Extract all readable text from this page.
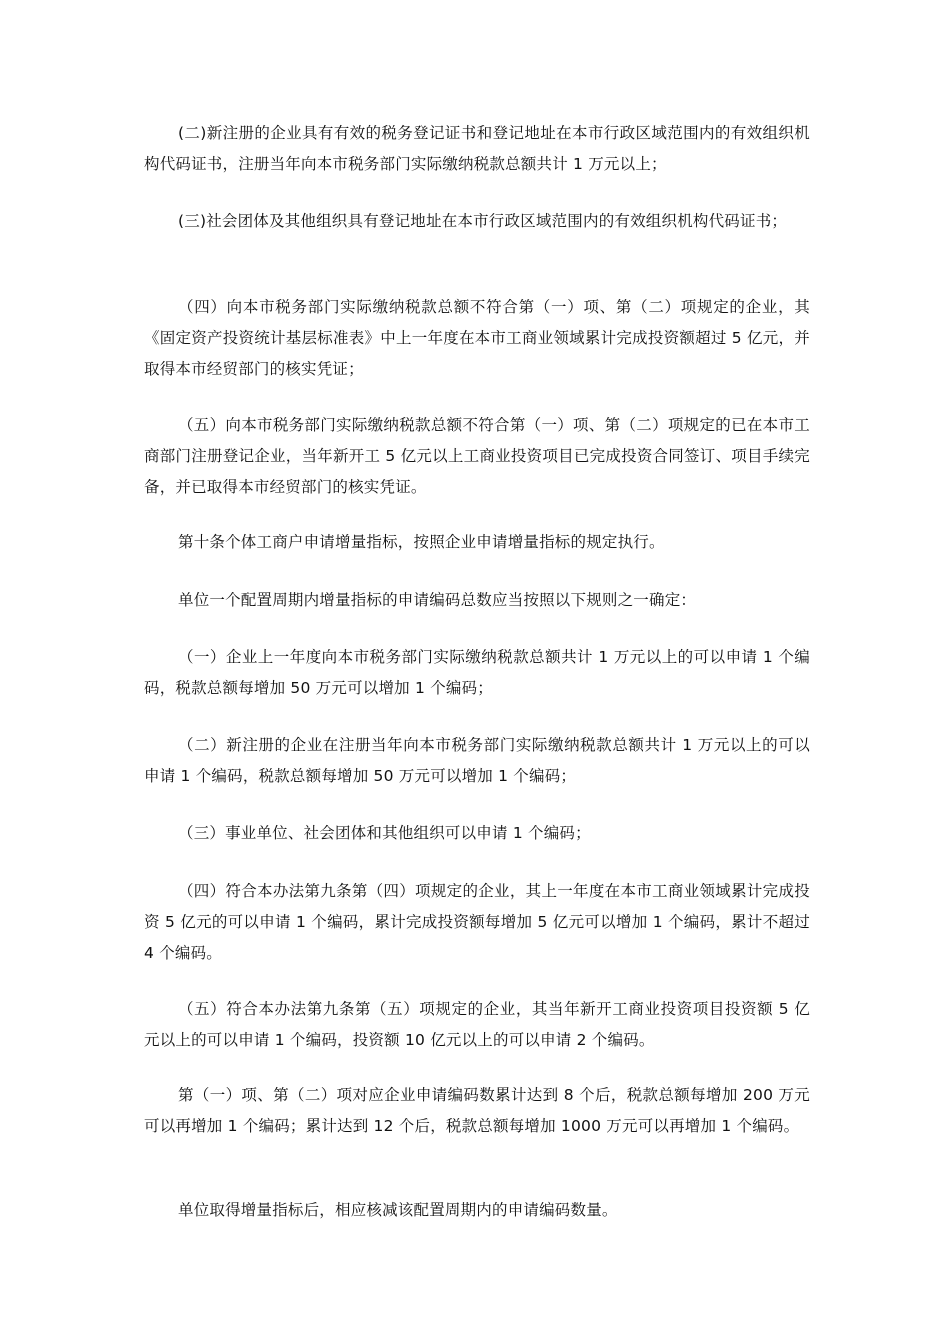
(二)新注册的企业具有有效的税务登记证书和登记地址在本市行政区域范围内的有效组织机构代码证书，注册当年向本市税务部门实际缴纳税款总额共计 1 万元以上；

(三)社会团体及其他组织具有登记地址在本市行政区域范围内的有效组织机构代码证书；

（四）向本市税务部门实际缴纳税款总额不符合第（一）项、第（二）项规定的企业，其《固定资产投资统计基层标准表》中上一年度在本市工商业领域累计完成投资额超过 5 亿元，并取得本市经贸部门的核实凭证；

（五）向本市税务部门实际缴纳税款总额不符合第（一）项、第（二）项规定的已在本市工商部门注册登记企业，当年新开工 5 亿元以上工商业投资项目已完成投资合同签订、项目手续完备，并已取得本市经贸部门的核实凭证。

第十条个体工商户申请增量指标，按照企业申请增量指标的规定执行。

单位一个配置周期内增量指标的申请编码总数应当按照以下规则之一确定：

（一）企业上一年度向本市税务部门实际缴纳税款总额共计 1 万元以上的可以申请 1 个编码，税款总额每增加 50 万元可以增加 1 个编码；

（二）新注册的企业在注册当年向本市税务部门实际缴纳税款总额共计 1 万元以上的可以申请 1 个编码，税款总额每增加 50 万元可以增加 1 个编码；

（三）事业单位、社会团体和其他组织可以申请 1 个编码；

（四）符合本办法第九条第（四）项规定的企业，其上一年度在本市工商业领域累计完成投资 5 亿元的可以申请 1 个编码，累计完成投资额每增加 5 亿元可以增加 1 个编码，累计不超过 4 个编码。

（五）符合本办法第九条第（五）项规定的企业，其当年新开工商业投资项目投资额 5 亿元以上的可以申请 1 个编码，投资额 10 亿元以上的可以申请 2 个编码。

第（一）项、第（二）项对应企业申请编码数累计达到 8 个后，税款总额每增加 200 万元可以再增加 1 个编码；累计达到 12 个后，税款总额每增加 1000 万元可以再增加 1 个编码。

单位取得增量指标后，相应核减该配置周期内的申请编码数量。
